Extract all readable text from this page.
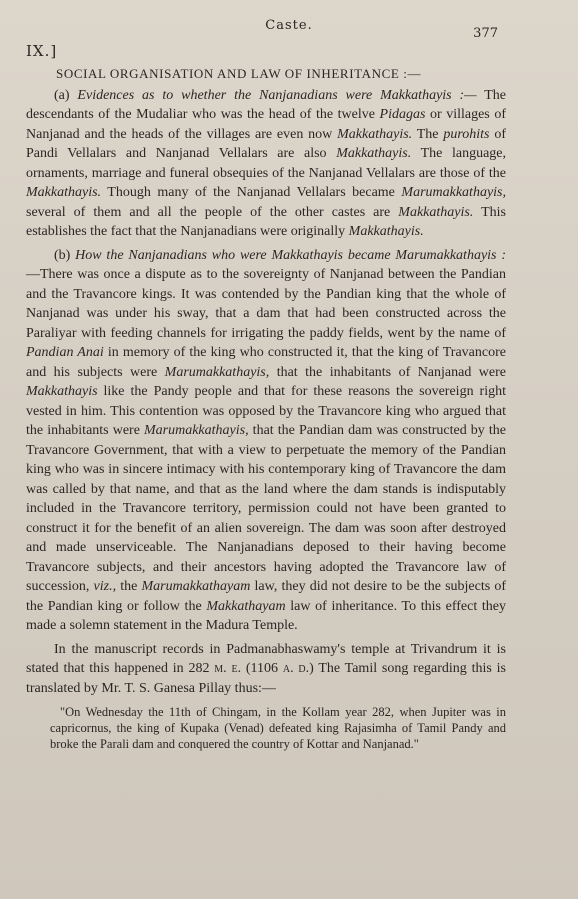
Caste.
377
IX.]
SOCIAL ORGANISATION AND LAW OF INHERITANCE :—

(a) Evidences as to whether the Nanjanadians were Makkathayis :— The descendants of the Mudaliar who was the head of the twelve Pidagas or villages of Nanjanad and the heads of the villages are even now Makkathayis. The purohits of Pandi Vellalars and Nanjanad Vellalars are also Makkathayis. The language, ornaments, marriage and funeral obsequies of the Nanjanad Vellalars are those of the Makkathayis. Though many of the Nanjanad Vellalars became Marumakkathayis, several of them and all the people of the other castes are Makkathayis. This establishes the fact that the Nanjanadians were originally Makkathayis.

(b) How the Nanjanadians who were Makkathayis became Marumakkathayis :—There was once a dispute as to the sovereignty of Nanjanad between the Pandian and the Travancore kings. It was contended by the Pandian king that the whole of Nanjanad was under his sway, that a dam that had been constructed across the Paraliyar with feeding channels for irrigating the paddy fields, went by the name of Pandian Anai in memory of the king who constructed it, that the king of Travancore and his subjects were Marumakkathayis, that the inhabitants of Nanjanad were Makkathayis like the Pandy people and that for these reasons the sovereign right vested in him. This contention was opposed by the Travancore king who argued that the inhabitants were Marumakkathayis, that the Pandian dam was constructed by the Travancore Government, that with a view to perpetuate the memory of the Pandian king who was in sincere intimacy with his contemporary king of Travancore the dam was called by that name, and that as the land where the dam stands is indisputably included in the Travancore territory, permission could not have been granted to construct it for the benefit of an alien sovereign. The dam was soon after destroyed and made unserviceable. The Nanjanadians deposed to their having become Travancore subjects, and their ancestors having adopted the Travancore law of succession, viz., the Marumakkathayam law, they did not desire to be the subjects of the Pandian king or follow the Makkathayam law of inheritance. To this effect they made a solemn statement in the Madura Temple.

In the manuscript records in Padmanabhaswamy's temple at Trivandrum it is stated that this happened in 282 m. e. (1106 a. d.) The Tamil song regarding this is translated by Mr. T. S. Ganesa Pillay thus:—

"On Wednesday the 11th of Chingam, in the Kollam year 282, when Jupiter was in capricornus, the king of Kupaka (Venad) defeated king Rajasimha of Tamil Pandy and broke the Parali dam and conquered the country of Kottar and Nanjanad."
